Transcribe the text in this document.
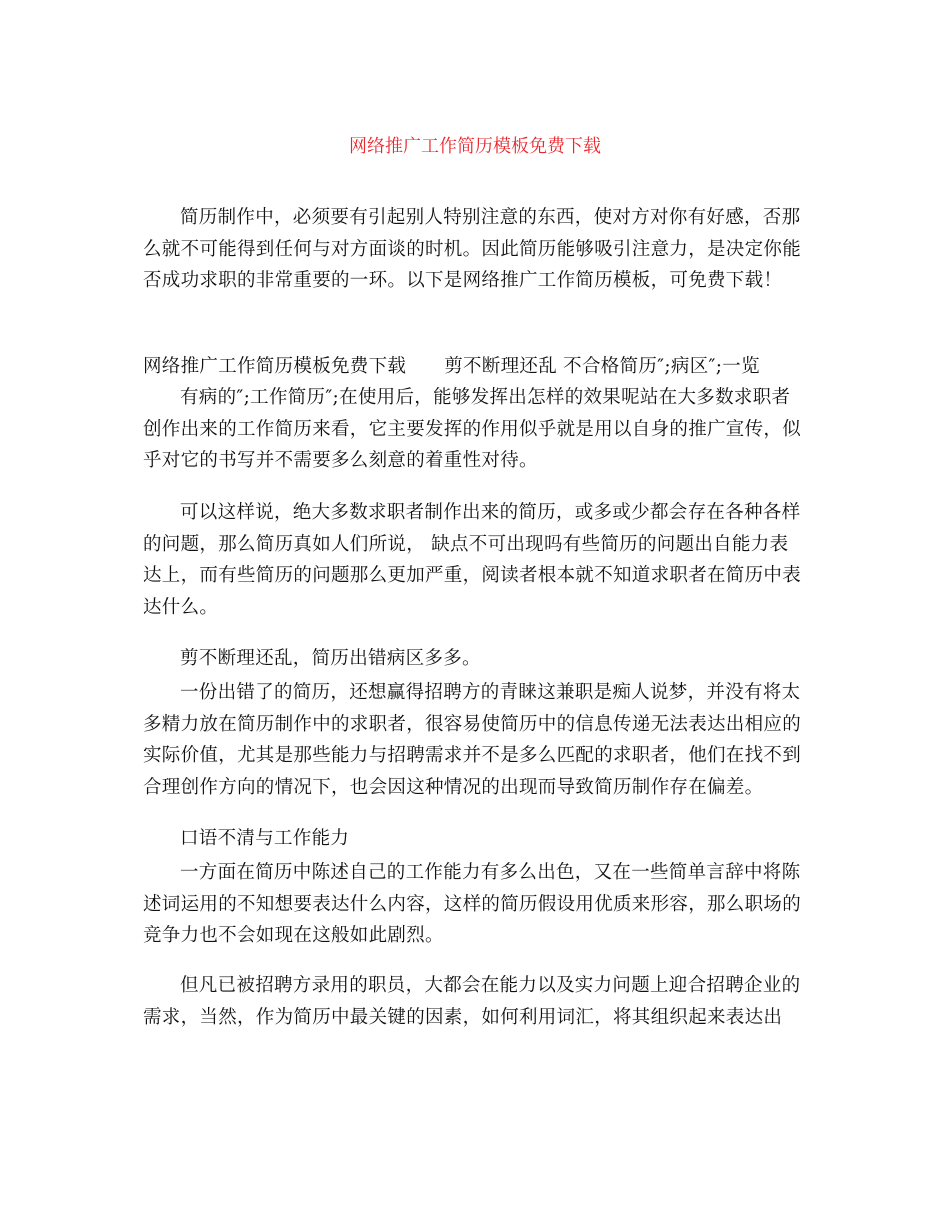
网络推广工作简历模板免费下载

简历制作中，必须要有引起别人特别注意的东西，使对方对你有好感，否那么就不可能得到任何与对方面谈的时机。因此简历能够吸引注意力，是决定你能否成功求职的非常重要的一环。以下是网络推广工作简历模板，可免费下载！

网络推广工作简历模板免费下载 剪不断理还乱 不合格简历″;病区″;一览

有病的″;工作简历″;在使用后，能够发挥出怎样的效果呢站在大多数求职者创作出来的工作简历来看，它主要发挥的作用似乎就是用以自身的推广宣传，似乎对它的书写并不需要多么刻意的着重性对待。

可以这样说，绝大多数求职者制作出来的简历，或多或少都会存在各种各样的问题，那么简历真如人们所说， 缺点不可出现吗有些简历的问题出自能力表达上，而有些简历的问题那么更加严重，阅读者根本就不知道求职者在简历中表达什么。

剪不断理还乱，简历出错病区多多。

一份出错了的简历，还想赢得招聘方的青睐这兼职是痴人说梦，并没有将太多精力放在简历制作中的求职者，很容易使简历中的信息传递无法表达出相应的实际价值，尤其是那些能力与招聘需求并不是多么匹配的求职者，他们在找不到合理创作方向的情况下，也会因这种情况的出现而导致简历制作存在偏差。

口语不清与工作能力

一方面在简历中陈述自己的工作能力有多么出色，又在一些简单言辞中将陈述词运用的不知想要表达什么内容，这样的简历假设用优质来形容，那么职场的竞争力也不会如现在这般如此剧烈。

但凡已被招聘方录用的职员，大都会在能力以及实力问题上迎合招聘企业的需求，当然，作为简历中最关键的因素，如何利用词汇，将其组织起来表达出
